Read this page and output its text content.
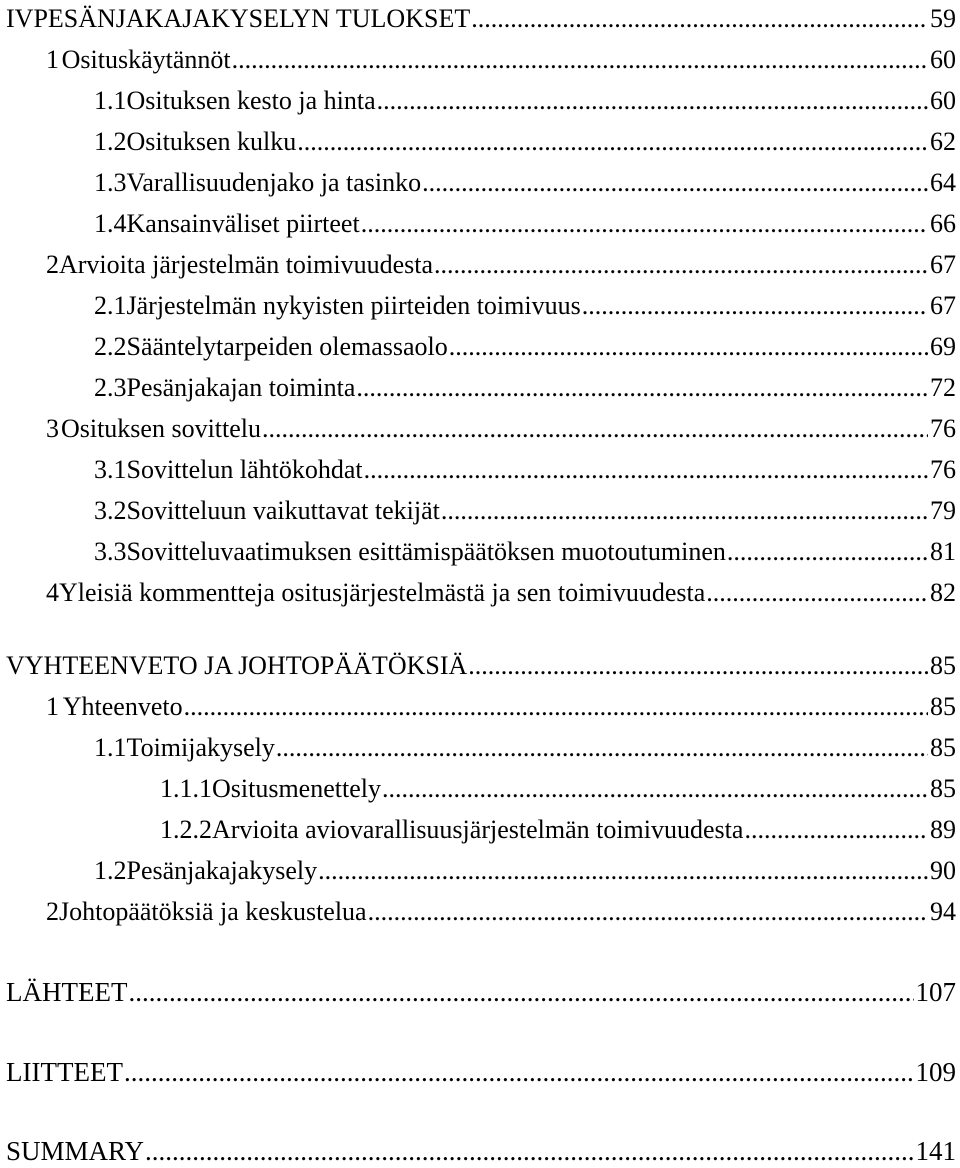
IV PESÄNJAKAJAKYSELYN TULOKSET .....	59
1 Osituskäytännöt .....	60
1.1 Osituksen kesto ja hinta .....	60
1.2 Osituksen kulku .....	62
1.3 Varallisuudenjako ja tasinko .....	64
1.4 Kansainväliset piirteet .....	66
2 Arvioita järjestelmän toimivuudesta .....	67
2.1 Järjestelmän nykyisten piirteiden toimivuus .....	67
2.2 Sääntelytarpeiden olemassaolo .....	69
2.3 Pesänjakajan toiminta .....	72
3 Osituksen sovittelu .....	76
3.1 Sovittelun lähtökohdat .....	76
3.2 Sovitteluun vaikuttavat tekijät .....	79
3.3 Sovitteluvaatimuksen esittämispäätöksen muotoutuminen .....	81
4 Yleisiä kommentteja ositusjärjestelmästä ja sen toimivuudesta .....	82
V YHTEENVETO JA JOHTOPÄÄTÖKSIÄ .....	85
1 Yhteenveto .....	85
1.1 Toimijakysely .....	85
1.1.1 Ositusmenettely .....	85
1.2.2 Arvioita aviovarallisuusjärjestelmän toimivuudesta .....	89
1.2 Pesänjakajakysely .....	90
2 Johtopäätöksiä ja keskustelua .....	94
LÄHTEET .....	107
LIITTEET .....	109
SUMMARY .....	141
